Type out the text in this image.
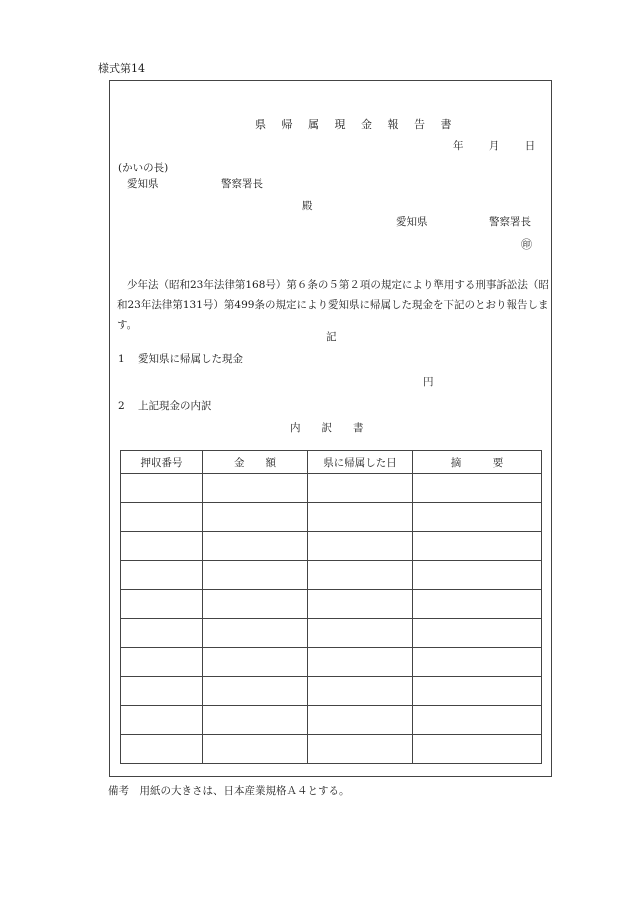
様式第14
県 帰 属 現 金 報 告 書
年 月 日
(かいの長)
愛知県	警察署長
殿
愛知県	警察署長
㊞
少年法（昭和23年法律第168号）第６条の５第２項の規定により準用する刑事訴訟法（昭和23年法律第131号）第499条の規定により愛知県に帰属した現金を下記のとおり報告します。
記
1 愛知県に帰属した現金
円
2 上記現金の内訳
内　　訳　　書
押収番号	金　　額	県に帰属した日	摘　　　要

備考　用紙の大きさは、日本産業規格Ａ４とする。
